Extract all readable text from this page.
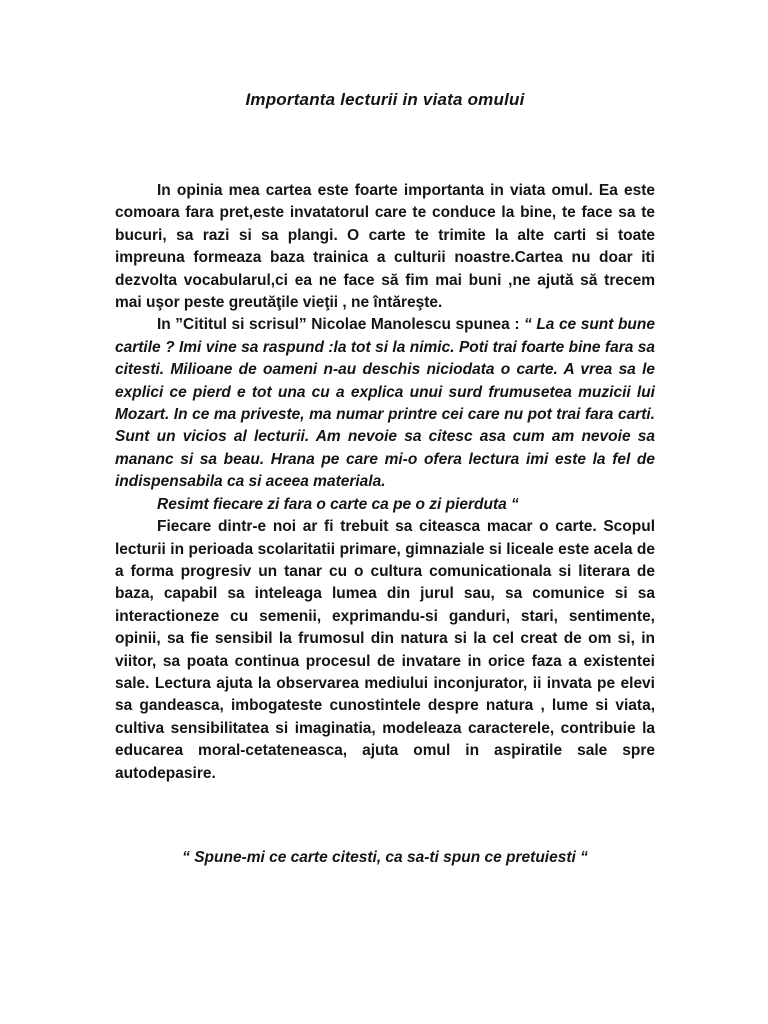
Importanta lecturii in viata omului

In opinia mea cartea este foarte importanta in viata omul. Ea este comoara fara pret,este invatatorul care te conduce la bine, te face sa te bucuri, sa razi si sa plangi. O carte te trimite la alte carti si toate impreuna formeaza baza trainica a culturii noastre.Cartea nu doar iti dezvolta vocabularul,ci ea ne face să fim mai buni ,ne ajută să trecem mai uşor peste greutăţile vieţii , ne întăreşte.

In ”Cititul si scrisul” Nicolae Manolescu spunea : “ La ce sunt bune cartile ? Imi vine sa raspund :la tot si la nimic. Poti trai foarte bine fara sa citesti. Milioane de oameni n-au deschis niciodata o carte. A vrea sa le explici ce pierd e tot una cu a explica unui surd frumusetea muzicii lui Mozart. In ce ma priveste, ma numar printre cei care nu pot trai fara carti. Sunt un vicios al lecturii. Am nevoie sa citesc asa cum am nevoie sa mananc si sa beau. Hrana pe care mi-o ofera lectura imi este la fel de indispensabila ca si aceea materiala.

Resimt fiecare zi fara o carte ca pe o zi pierduta “

Fiecare dintr-e noi ar fi trebuit sa citeasca macar o carte. Scopul lecturii in perioada scolaritatii primare, gimnaziale si liceale este acela de a forma progresiv un tanar cu o cultura comunicationala si literara de baza, capabil sa inteleaga lumea din jurul sau, sa comunice si sa interactioneze cu semenii, exprimandu-si ganduri, stari, sentimente, opinii, sa fie sensibil la frumosul din natura si la cel creat de om si, in viitor, sa poata continua procesul de invatare in orice faza a existentei sale. Lectura ajuta la observarea mediului inconjurator, ii invata pe elevi sa gandeasca, imbogateste cunostintele despre natura , lume si viata, cultiva sensibilitatea si imaginatia, modeleaza caracterele, contribuie la educarea moral-cetateneasca, ajuta omul in aspiratile sale spre autodepasire.

“ Spune-mi ce carte citesti, ca sa-ti spun ce pretuiesti “
